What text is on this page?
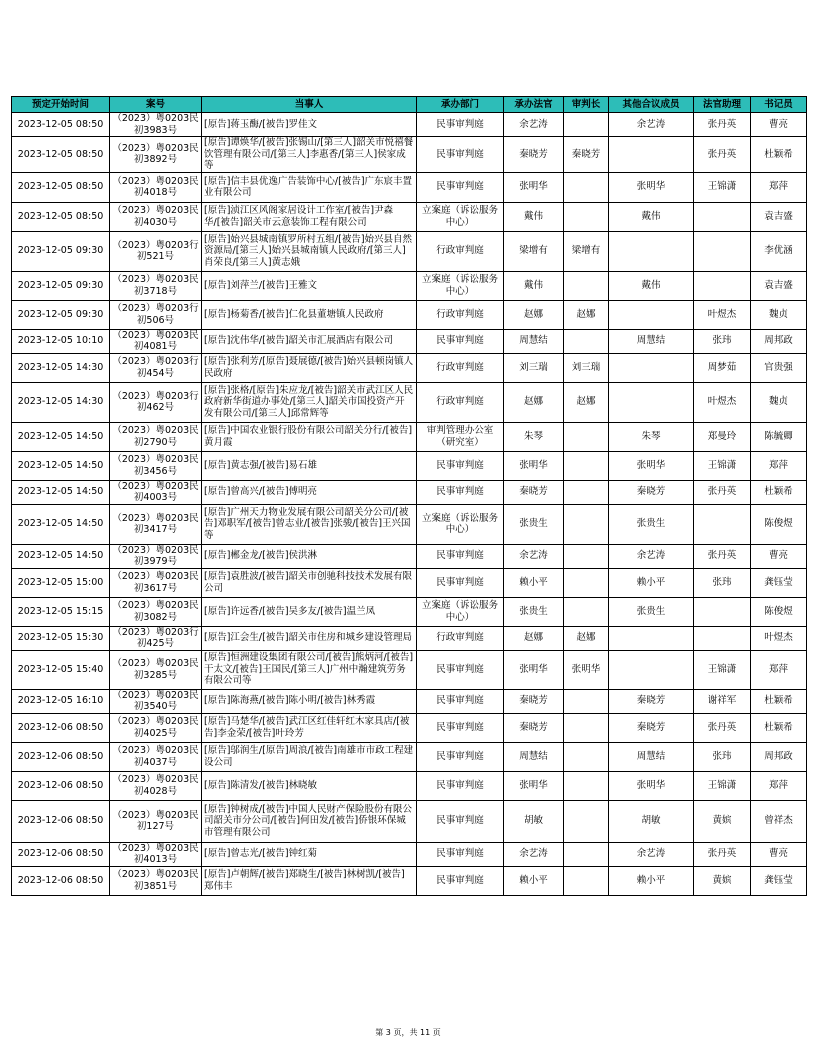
预定开始时间	案号	当事人	承办部门	承办法官	审判长	其他合议成员	法官助理	书记员
2023-12-05 08:50	（2023）粤0203民初3983号	[原告]蒋玉酶/[被告]罗佳文	民事审判庭	余艺涛		余艺涛	张丹英	曹亮
2023-12-05 08:50	（2023）粤0203民初3892号	[原告]谭焕华/[被告]张锡山/[第三人]韶关市悦禧餐饮管理有限公司/[第三人]李惠香/[第三人]侯家成等	民事审判庭	秦晓芳	秦晓芳		张丹英	杜颖希
2023-12-05 08:50	（2023）粤0203民初4018号	[原告]信丰县优逸广告装饰中心/[被告]广东宸丰置业有限公司	民事审判庭	张明华		张明华	王锦潇	郑萍
2023-12-05 08:50	（2023）粤0203民初4030号	[原告]浈江区风阁家居设计工作室/[被告]尹森华/[被告]韶关市云意装饰工程有限公司	立案庭（诉讼服务中心）	戴伟		戴伟		袁吉盛
2023-12-05 09:30	（2023）粤0203行初521号	[原告]始兴县城南镇罗所村五组/[被告]始兴县自然资源局/[第三人]始兴县城南镇人民政府/[第三人]肖荣良/[第三人]黄志娥	行政审判庭	梁增有	梁增有			李优涵
2023-12-05 09:30	（2023）粤0203民初3718号	[原告]刘萍兰/[被告]王雅文	立案庭（诉讼服务中心）	戴伟		戴伟		袁吉盛
2023-12-05 09:30	（2023）粤0203行初506号	[原告]杨菊香/[被告]仁化县董塘镇人民政府	行政审判庭	赵娜	赵娜		叶煜杰	魏贞
2023-12-05 10:10	（2023）粤0203民初4081号	[原告]沈伟华/[被告]韶关市汇展酒店有限公司	民事审判庭	周慧结		周慧结	张玮	周邦政
2023-12-05 14:30	（2023）粤0203行初454号	[原告]张利芳/[原告]聂展德/[被告]始兴县顿岗镇人民政府	行政审判庭	刘三瑞	刘三瑞		周梦茹	官贵强
2023-12-05 14:30	（2023）粤0203行初462号	[原告]张格/[原告]朱应龙/[被告]韶关市武江区人民政府新华街道办事处/[第三人]韶关市国投资产开发有限公司/[第三人]邱常辉等	行政审判庭	赵娜	赵娜		叶煜杰	魏贞
2023-12-05 14:50	（2023）粤0203民初2790号	[原告]中国农业银行股份有限公司韶关分行/[被告]黄月霞	审判管理办公室（研究室）	朱琴		朱琴	郑曼玲	陈毓卿
2023-12-05 14:50	（2023）粤0203民初3456号	[原告]黄志强/[被告]易石雄	民事审判庭	张明华		张明华	王锦潇	郑萍
2023-12-05 14:50	（2023）粤0203民初4003号	[原告]曾高兴/[被告]傅明亮	民事审判庭	秦晓芳		秦晓芳	张丹英	杜颖希
2023-12-05 14:50	（2023）粤0203民初3417号	[原告]广州天力物业发展有限公司韶关分公司/[被告]邓职军/[被告]曾志业/[被告]张骏/[被告]王兴国等	立案庭（诉讼服务中心）	张贵生		张贵生		陈俊煜
2023-12-05 14:50	（2023）粤0203民初3979号	[原告]郴金龙/[被告]侯洪淋	民事审判庭	余艺涛		余艺涛	张丹英	曹亮
2023-12-05 15:00	（2023）粤0203民初3617号	[原告]袁胜波/[被告]韶关市创驰科技技术发展有限公司	民事审判庭	赖小平		赖小平	张玮	龚钰莹
2023-12-05 15:15	（2023）粤0203民初3082号	[原告]许远香/[被告]吴多友/[被告]温兰凤	立案庭（诉讼服务中心）	张贵生		张贵生		陈俊煜
2023-12-05 15:30	（2023）粤0203行初425号	[原告]江会生/[被告]韶关市住房和城乡建设管理局	行政审判庭	赵娜	赵娜			叶煜杰
2023-12-05 15:40	（2023）粤0203民初3285号	[原告]恒洲建设集团有限公司/[被告]熊炳河/[被告]干太文/[被告]王国民/[第三人]广州中瀚建筑劳务有限公司等	民事审判庭	张明华	张明华		王锦潇	郑萍
2023-12-05 16:10	（2023）粤0203民初3540号	[原告]陈海燕/[被告]陈小明/[被告]林秀霞	民事审判庭	秦晓芳		秦晓芳	谢祥军	杜颖希
2023-12-06 08:50	（2023）粤0203民初4025号	[原告]马楚华/[被告]武江区红佳轩红木家具店/[被告]李金荣/[被告]叶玲芳	民事审判庭	秦晓芳		秦晓芳	张丹英	杜颖希
2023-12-06 08:50	（2023）粤0203民初4037号	[原告]邬润生/[原告]周浪/[被告]南雄市市政工程建设公司	民事审判庭	周慧结		周慧结	张玮	周邦政
2023-12-06 08:50	（2023）粤0203民初4028号	[原告]陈清发/[被告]林晓敏	民事审判庭	张明华		张明华	王锦潇	郑萍
2023-12-06 08:50	（2023）粤0203民初127号	[原告]钟树成/[被告]中国人民财产保险股份有限公司韶关市分公司/[被告]何田发/[被告]侨银环保城市管理有限公司	民事审判庭	胡敏		胡敏	黄嫔	曾祥杰
2023-12-06 08:50	（2023）粤0203民初4013号	[原告]曾志光/[被告]钟红菊	民事审判庭	余艺涛		余艺涛	张丹英	曹亮
2023-12-06 08:50	（2023）粤0203民初3851号	[原告]卢朝辉/[被告]郑晓生/[被告]林树凯/[被告]郑伟丰	民事审判庭	赖小平		赖小平	黄嫔	龚钰莹
第 3 页，共 11 页
